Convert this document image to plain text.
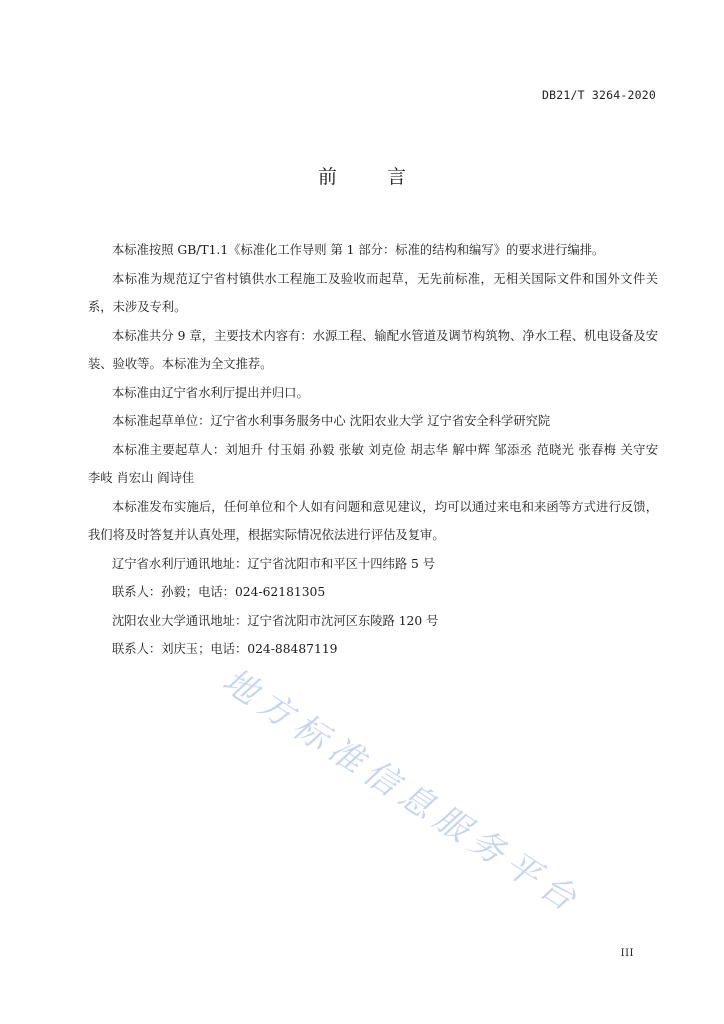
DB21/T 3264-2020
前 言

本标准按照 GB/T1.1《标准化工作导则 第 1 部分：标准的结构和编写》的要求进行编排。

本标准为规范辽宁省村镇供水工程施工及验收而起草，无先前标准，无相关国际文件和国外文件关系，未涉及专利。

本标准共分 9 章，主要技术内容有：水源工程、输配水管道及调节构筑物、净水工程、机电设备及安装、验收等。本标准为全文推荐。

本标准由辽宁省水利厅提出并归口。

本标准起草单位：辽宁省水利事务服务中心 沈阳农业大学 辽宁省安全科学研究院

本标准主要起草人：刘旭升 付玉娟 孙毅 张敏 刘克俭 胡志华 解中辉 邹添丞 范晓光 张春梅 关守安 李岐 肖宏山 阎诗佳

本标准发布实施后，任何单位和个人如有问题和意见建议，均可以通过来电和来函等方式进行反馈，我们将及时答复并认真处理，根据实际情况依法进行评估及复审。

辽宁省水利厅通讯地址：辽宁省沈阳市和平区十四纬路 5 号

联系人：孙毅；电话：024-62181305

沈阳农业大学通讯地址：辽宁省沈阳市沈河区东陵路 120 号

联系人：刘庆玉；电话：024-88487119

地方标准信息服务平台
III
